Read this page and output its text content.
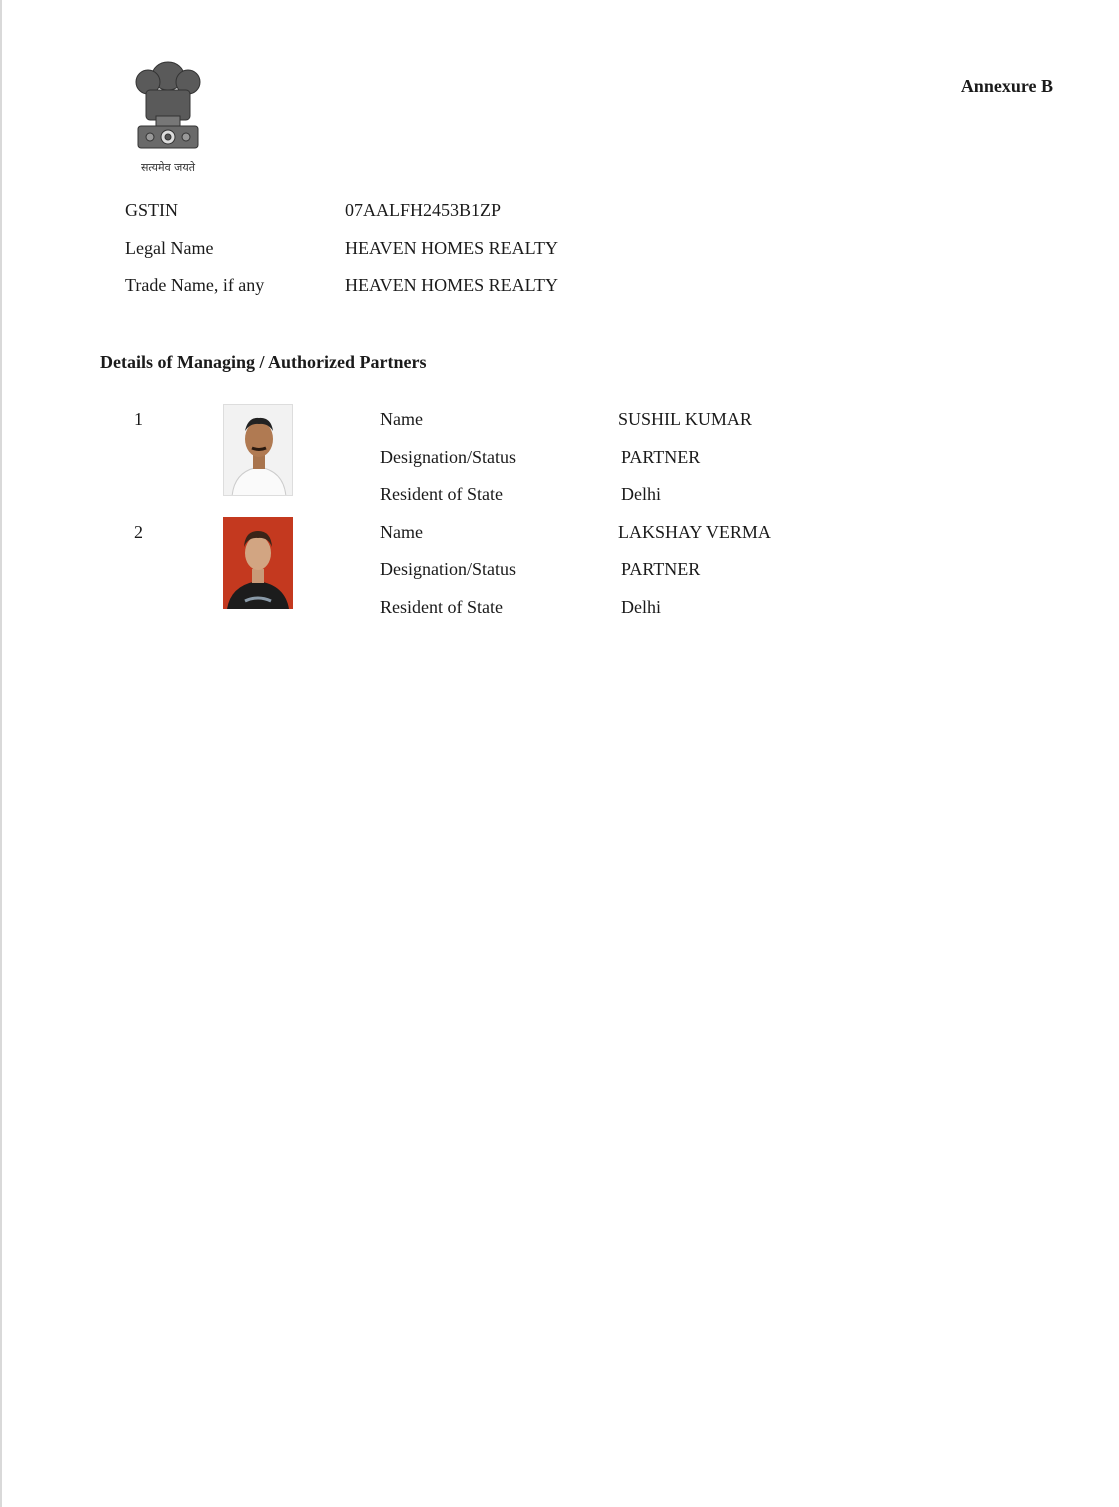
सत्यमेव जयते
Annexure B
GSTIN	07AALFH2453B1ZP
Legal Name	HEAVEN HOMES REALTY
Trade Name, if any	HEAVEN HOMES REALTY
Details of Managing / Authorized Partners
1	Name	SUSHIL KUMAR
Designation/Status	PARTNER
Resident of State	Delhi
2	Name	LAKSHAY VERMA
Designation/Status	PARTNER
Resident of State	Delhi
